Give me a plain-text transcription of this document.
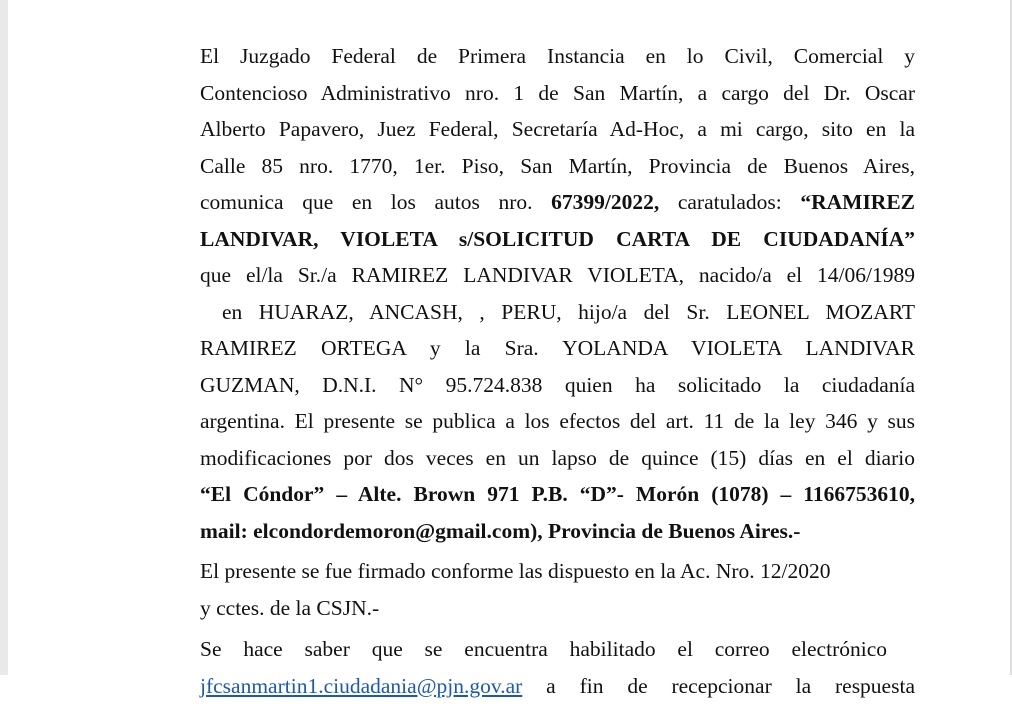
El Juzgado Federal de Primera Instancia en lo Civil, Comercial y
Contencioso Administrativo nro. 1 de San Martín, a cargo del Dr. Oscar
Alberto Papavero, Juez Federal, Secretaría Ad-Hoc, a mi cargo, sito en la
Calle 85 nro. 1770, 1er. Piso, San Martín, Provincia de Buenos Aires,
comunica que en los autos nro. 67399/2022, caratulados: “RAMIREZ
LANDIVAR, VIOLETA s/SOLICITUD CARTA DE CIUDADANÍA”
que el/la Sr./a RAMIREZ LANDIVAR VIOLETA, nacido/a el 14/06/1989
en HUARAZ, ANCASH, , PERU, hijo/a del Sr. LEONEL MOZART
RAMIREZ ORTEGA y la Sra. YOLANDA VIOLETA LANDIVAR
GUZMAN, D.N.I. N° 95.724.838 quien ha solicitado la ciudadanía
argentina. El presente se publica a los efectos del art. 11 de la ley 346 y sus
modificaciones por dos veces en un lapso de quince (15) días en el diario
“El Cóndor” – Alte. Brown 971 P.B. “D”- Morón (1078) – 1166753610,
mail: elcondordemoron@gmail.com), Provincia de Buenos Aires.-
El presente se fue firmado conforme las dispuesto en la Ac. Nro. 12/2020
y cctes. de la CSJN.-
Se hace saber que se encuentra habilitado el correo electrónico
jfcsanmartin1.ciudadania@pjn.gov.ar a fin de recepcionar la respuesta
